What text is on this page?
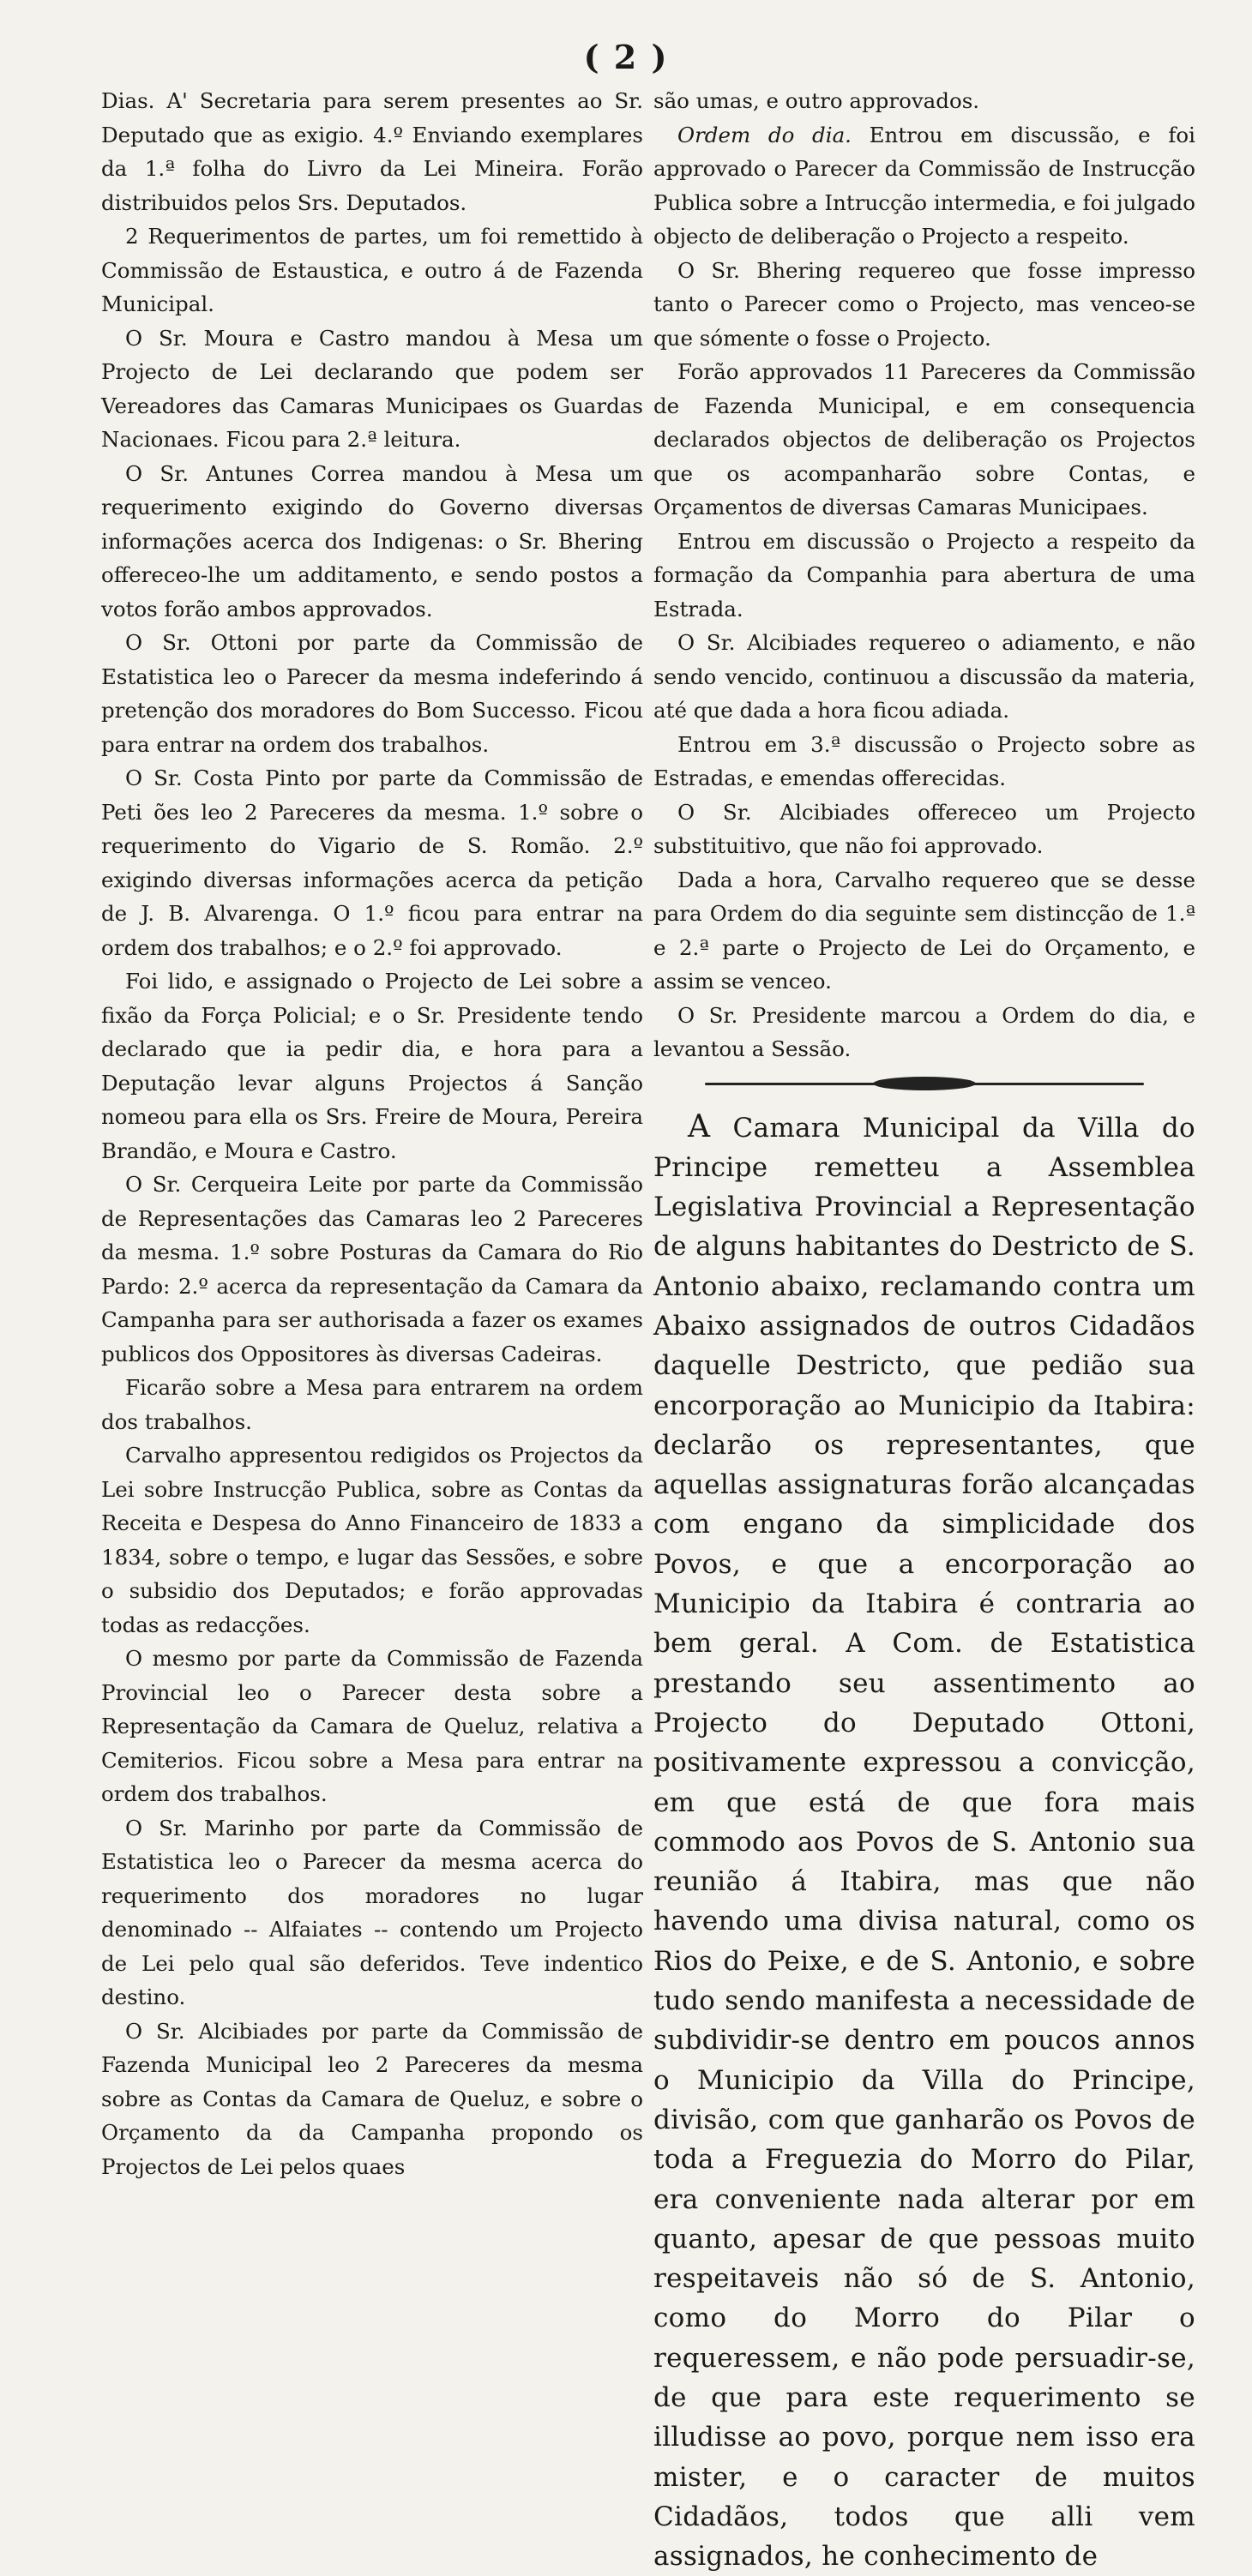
( 2 )

Dias. A' Secretaria para serem presentes ao Sr. Deputado que as exigio. 4.º Enviando exemplares da 1.ª folha do Livro da Lei Mineira. Forão distribuidos pelos Srs. Deputados.

2 Requerimentos de partes, um foi remettido à Commissão de Estaustica, e outro á de Fazenda Municipal.

O Sr. Moura e Castro mandou à Mesa um Projecto de Lei declarando que podem ser Vereadores das Camaras Municipaes os Guardas Nacionaes. Ficou para 2.ª leitura.

O Sr. Antunes Correa mandou à Mesa um requerimento exigindo do Governo diversas informações acerca dos Indigenas: o Sr. Bhering offereceo-lhe um additamento, e sendo postos a votos forão ambos approvados.

O Sr. Ottoni por parte da Commissão de Estatistica leo o Parecer da mesma indeferindo á pretenção dos moradores do Bom Successo. Ficou para entrar na ordem dos trabalhos.

O Sr. Costa Pinto por parte da Commissão de Peti ões leo 2 Pareceres da mesma. 1.º sobre o requerimento do Vigario de S. Romão. 2.º exigindo diversas informações acerca da petição de J. B. Alvarenga. O 1.º ficou para entrar na ordem dos trabalhos; e o 2.º foi approvado.

Foi lido, e assignado o Projecto de Lei sobre a fixão da Força Policial; e o Sr. Presidente tendo declarado que ia pedir dia, e hora para a Deputação levar alguns Projectos á Sanção nomeou para ella os Srs. Freire de Moura, Pereira Brandão, e Moura e Castro.

O Sr. Cerqueira Leite por parte da Commissão de Representações das Camaras leo 2 Pareceres da mesma. 1.º sobre Posturas da Camara do Rio Pardo: 2.º acerca da representação da Camara da Campanha para ser authorisada a fazer os exames publicos dos Oppositores às diversas Cadeiras.

Ficarão sobre a Mesa para entrarem na ordem dos trabalhos.

Carvalho appresentou redigidos os Projectos da Lei sobre Instrucção Publica, sobre as Contas da Receita e Despesa do Anno Financeiro de 1833 a 1834, sobre o tempo, e lugar das Sessões, e sobre o subsidio dos Deputados; e forão approvadas todas as redacções.

O mesmo por parte da Commissão de Fazenda Provincial leo o Parecer desta sobre a Representação da Camara de Queluz, relativa a Cemiterios. Ficou sobre a Mesa para entrar na ordem dos trabalhos.

O Sr. Marinho por parte da Commissão de Estatistica leo o Parecer da mesma acerca do requerimento dos moradores no lugar denominado -- Alfaiates -- contendo um Projecto de Lei pelo qual são deferidos. Teve indentico destino.

O Sr. Alcibiades por parte da Commissão de Fazenda Municipal leo 2 Pareceres da mesma sobre as Contas da Camara de Queluz, e sobre o Orçamento da da Campanha propondo os Projectos de Lei pelos quaes

são umas, e outro approvados.

Ordem do dia. Entrou em discussão, e foi approvado o Parecer da Commissão de Instrucção Publica sobre a Intrucção intermedia, e foi julgado objecto de deliberação o Projecto a respeito.

O Sr. Bhering requereo que fosse impresso tanto o Parecer como o Projecto, mas venceo-se que sómente o fosse o Projecto.

Forão approvados 11 Pareceres da Commissão de Fazenda Municipal, e em consequencia declarados objectos de deliberação os Projectos que os acompanharão sobre Contas, e Orçamentos de diversas Camaras Municipaes.

Entrou em discussão o Projecto a respeito da formação da Companhia para abertura de uma Estrada.

O Sr. Alcibiades requereo o adiamento, e não sendo vencido, continuou a discussão da materia, até que dada a hora ficou adiada.

Entrou em 3.ª discussão o Projecto sobre as Estradas, e emendas offerecidas.

O Sr. Alcibiades offereceo um Projecto substituitivo, que não foi approvado.

Dada a hora, Carvalho requereo que se desse para Ordem do dia seguinte sem distincção de 1.ª e 2.ª parte o Projecto de Lei do Orçamento, e assim se venceo.

O Sr. Presidente marcou a Ordem do dia, e levantou a Sessão.

A Camara Municipal da Villa do Principe remetteu a Assemblea Legislativa Provincial a Representação de alguns habitantes do Destricto de S. Antonio abaixo, reclamando contra um Abaixo assignados de outros Cidadãos daquelle Destricto, que pedião sua encorporação ao Municipio da Itabira: declarão os representantes, que aquellas assignaturas forão alcançadas com engano da simplicidade dos Povos, e que a encorporação ao Municipio da Itabira é contraria ao bem geral. A Com. de Estatistica prestando seu assentimento ao Projecto do Deputado Ottoni, positivamente expressou a convicção, em que está de que fora mais commodo aos Povos de S. Antonio sua reunião á Itabira, mas que não havendo uma divisa natural, como os Rios do Peixe, e de S. Antonio, e sobre tudo sendo manifesta a necessidade de subdividir-se dentro em poucos annos o Municipio da Villa do Principe, divisão, com que ganharão os Povos de toda a Freguezia do Morro do Pilar, era conveniente nada alterar por em quanto, apesar de que pessoas muito respeitaveis não só de S. Antonio, como do Morro do Pilar o requeressem, e não pode persuadir-se, de que para este requerimento se illudisse ao povo, porque nem isso era mister, e o caracter de muitos Cidadãos, todos que alli vem assignados, he conhecimento de
